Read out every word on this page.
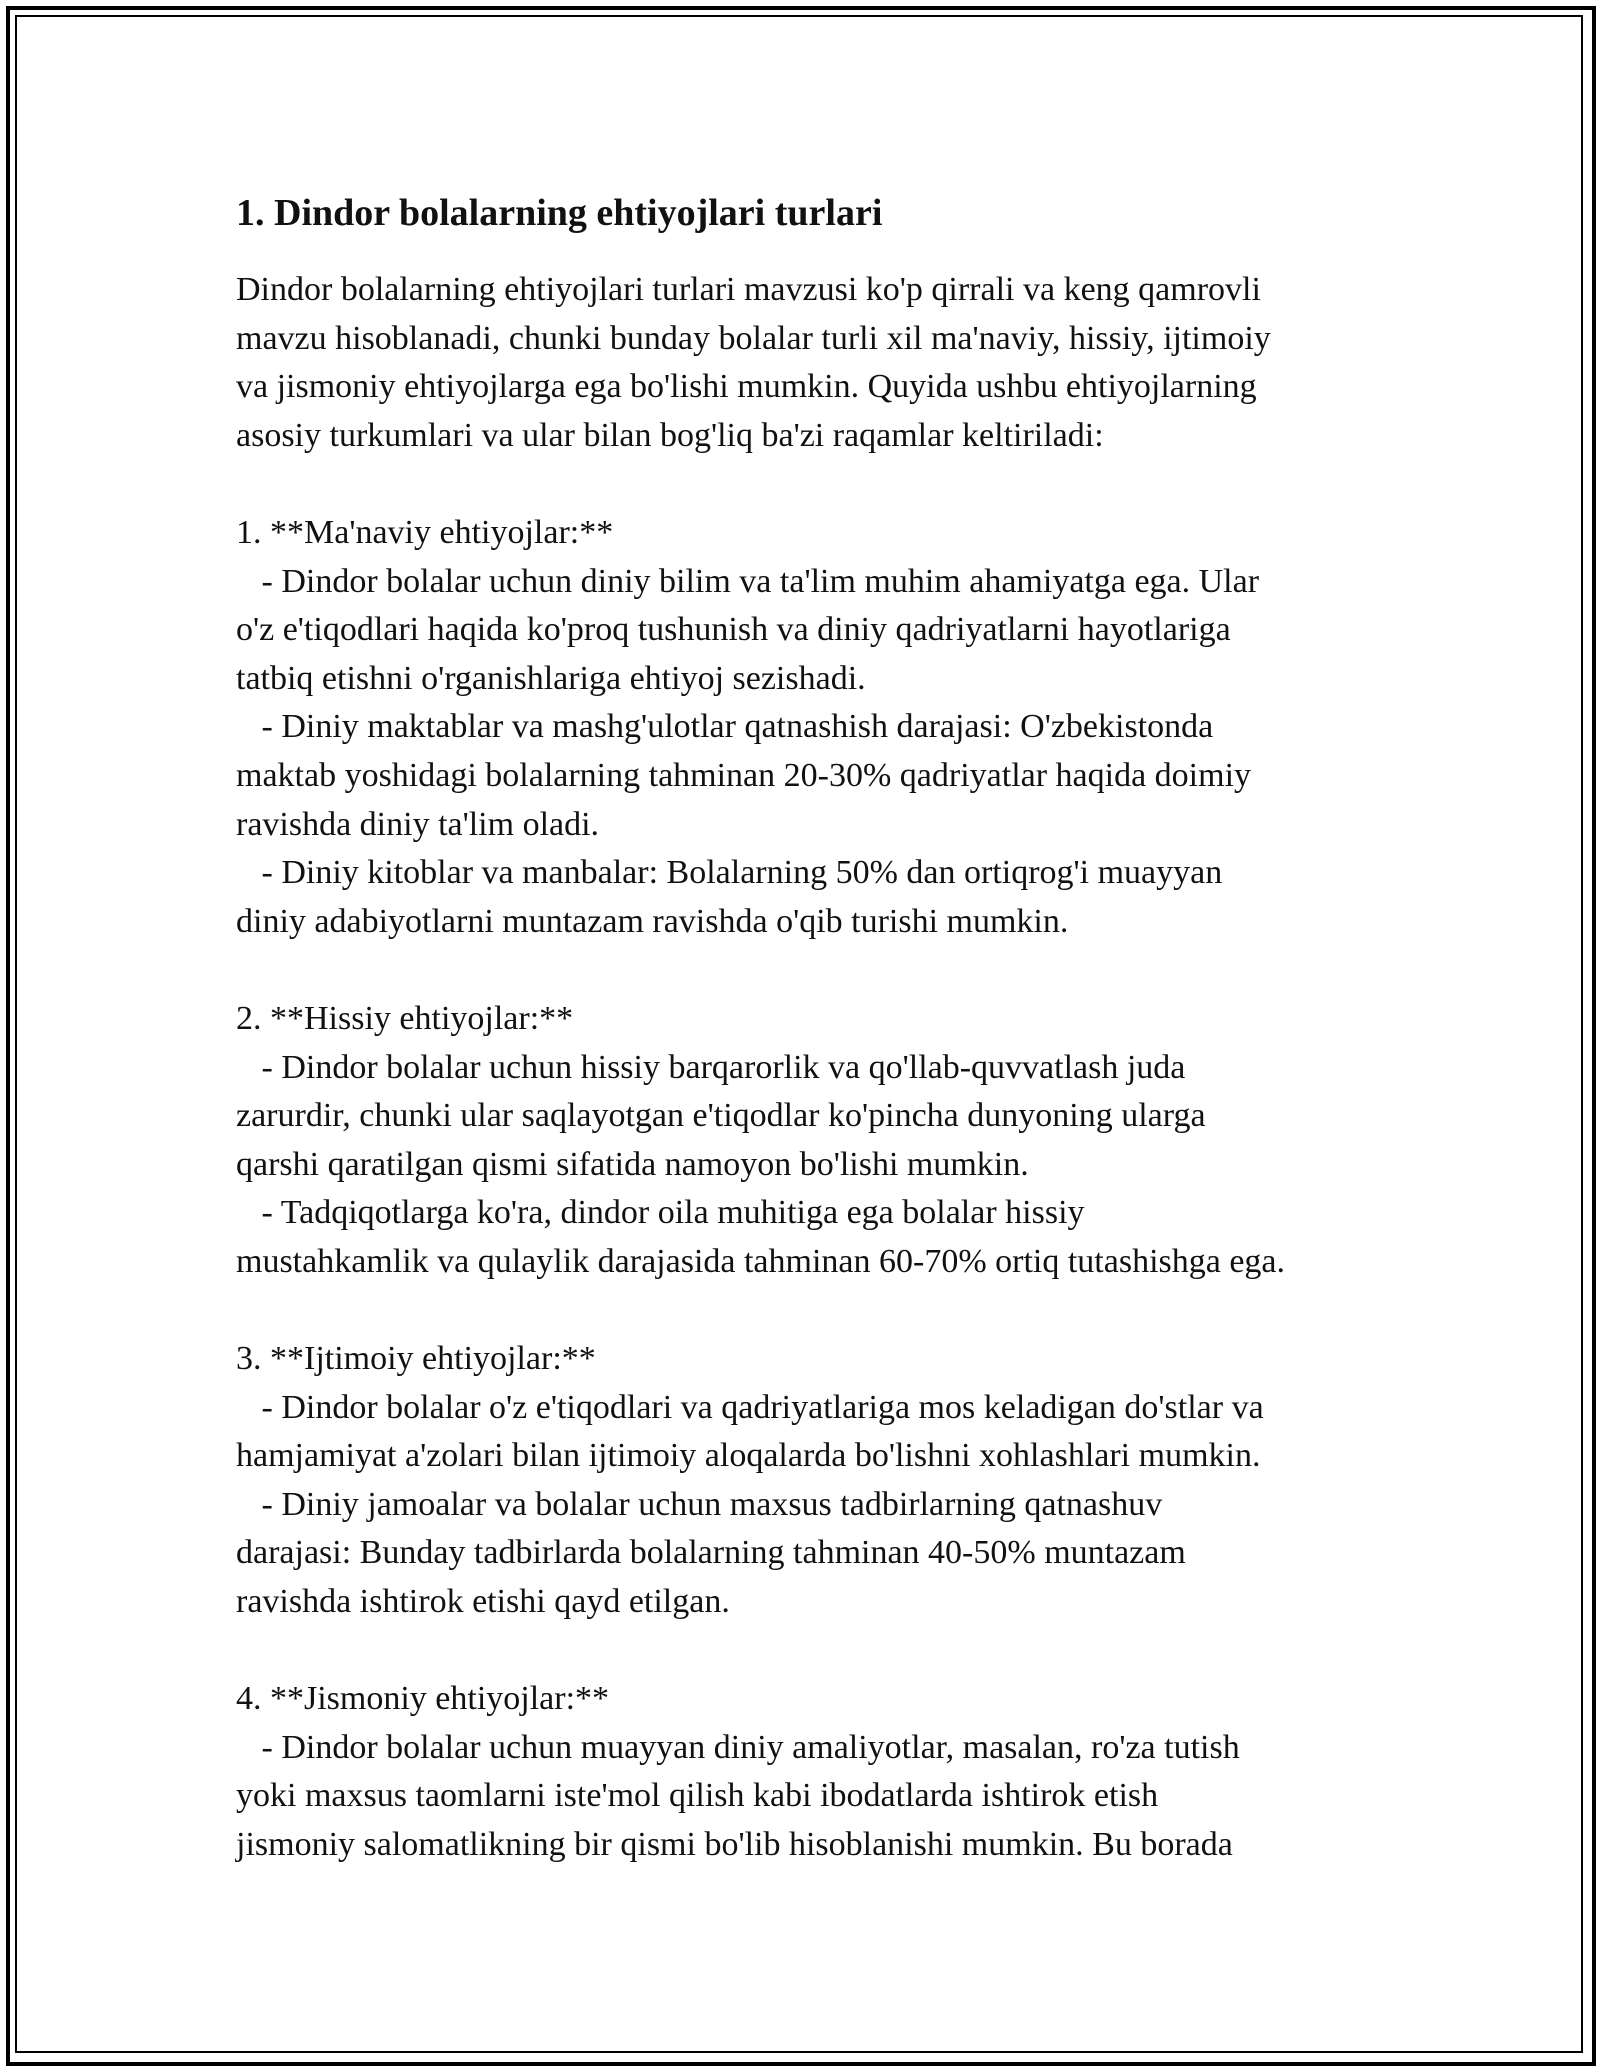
1. Dindor bolalarning ehtiyojlari turlari

Dindor bolalarning ehtiyojlari turlari mavzusi ko'p qirrali va keng qamrovli
mavzu hisoblanadi, chunki bunday bolalar turli xil ma'naviy, hissiy, ijtimoiy
va jismoniy ehtiyojlarga ega bo'lishi mumkin. Quyida ushbu ehtiyojlarning
asosiy turkumlari va ular bilan bog'liq ba'zi raqamlar keltiriladi:

1. **Ma'naviy ehtiyojlar:**
- Dindor bolalar uchun diniy bilim va ta'lim muhim ahamiyatga ega. Ular
o'z e'tiqodlari haqida ko'proq tushunish va diniy qadriyatlarni hayotlariga
tatbiq etishni o'rganishlariga ehtiyoj sezishadi.
- Diniy maktablar va mashg'ulotlar qatnashish darajasi: O'zbekistonda
maktab yoshidagi bolalarning tahminan 20-30% qadriyatlar haqida doimiy
ravishda diniy ta'lim oladi.
- Diniy kitoblar va manbalar: Bolalarning 50% dan ortiqrog'i muayyan
diniy adabiyotlarni muntazam ravishda o'qib turishi mumkin.

2. **Hissiy ehtiyojlar:**
- Dindor bolalar uchun hissiy barqarorlik va qo'llab-quvvatlash juda
zarurdir, chunki ular saqlayotgan e'tiqodlar ko'pincha dunyoning ularga
qarshi qaratilgan qismi sifatida namoyon bo'lishi mumkin.
- Tadqiqotlarga ko'ra, dindor oila muhitiga ega bolalar hissiy
mustahkamlik va qulaylik darajasida tahminan 60-70% ortiq tutashishga ega.

3. **Ijtimoiy ehtiyojlar:**
- Dindor bolalar o'z e'tiqodlari va qadriyatlariga mos keladigan do'stlar va
hamjamiyat a'zolari bilan ijtimoiy aloqalarda bo'lishni xohlashlari mumkin.
- Diniy jamoalar va bolalar uchun maxsus tadbirlarning qatnashuv
darajasi: Bunday tadbirlarda bolalarning tahminan 40-50% muntazam
ravishda ishtirok etishi qayd etilgan.

4. **Jismoniy ehtiyojlar:**
- Dindor bolalar uchun muayyan diniy amaliyotlar, masalan, ro'za tutish
yoki maxsus taomlarni iste'mol qilish kabi ibodatlarda ishtirok etish
jismoniy salomatlikning bir qismi bo'lib hisoblanishi mumkin. Bu borada
